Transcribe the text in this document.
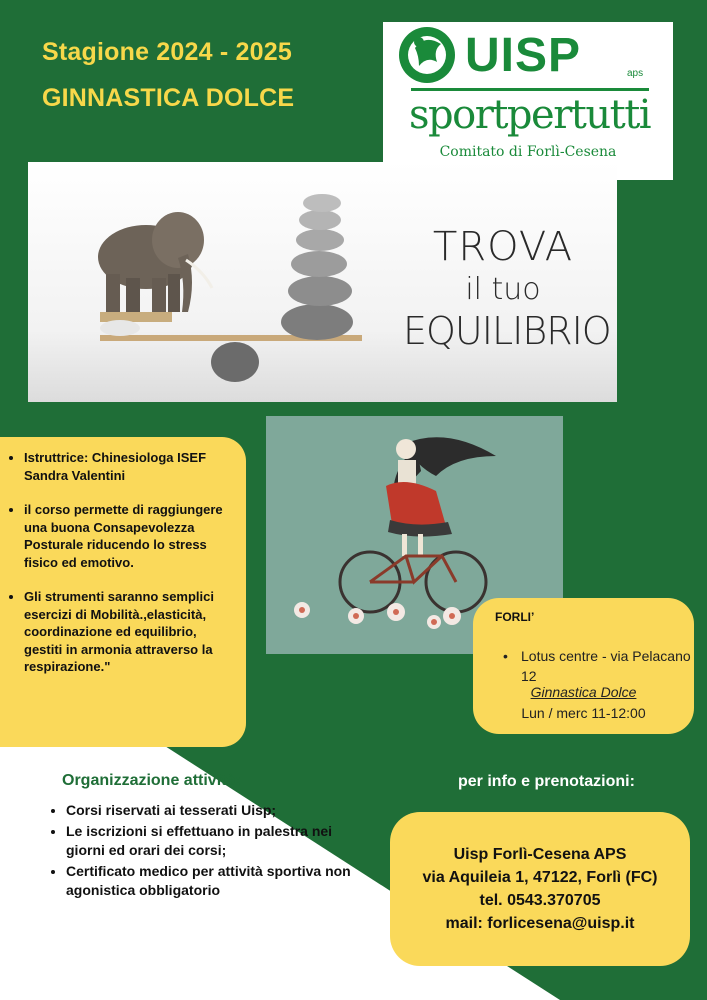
Stagione 2024 - 2025
GINNASTICA DOLCE
UISP	aps
sportpertutti
Comitato di Forlì-Cesena
TROVA
il tuo
EQUILIBRIO
• Istruttrice: Chinesiologa ISEF Sandra Valentini
• il corso permette di raggiungere una buona Consapevolezza Posturale riducendo lo stress fisico ed emotivo.
• Gli strumenti saranno semplici esercizi di Mobilità.,elasticità, coordinazione ed equilibrio, gestiti in armonia attraverso la respirazione."
FORLI’
• Lotus centre - via Pelacano 12
Ginnastica Dolce
Lun / merc 11-12:00
Organizzazione attività:
• Corsi riservati ai tesserati Uisp;
• Le iscrizioni si effettuano in palestra nei giorni ed orari dei corsi;
• Certificato medico per attività sportiva non agonistica obbligatorio
per info e prenotazioni:
Uisp Forlì-Cesena APS
via Aquileia 1, 47122, Forlì (FC)
tel. 0543.370705
mail: forlicesena@uisp.it
